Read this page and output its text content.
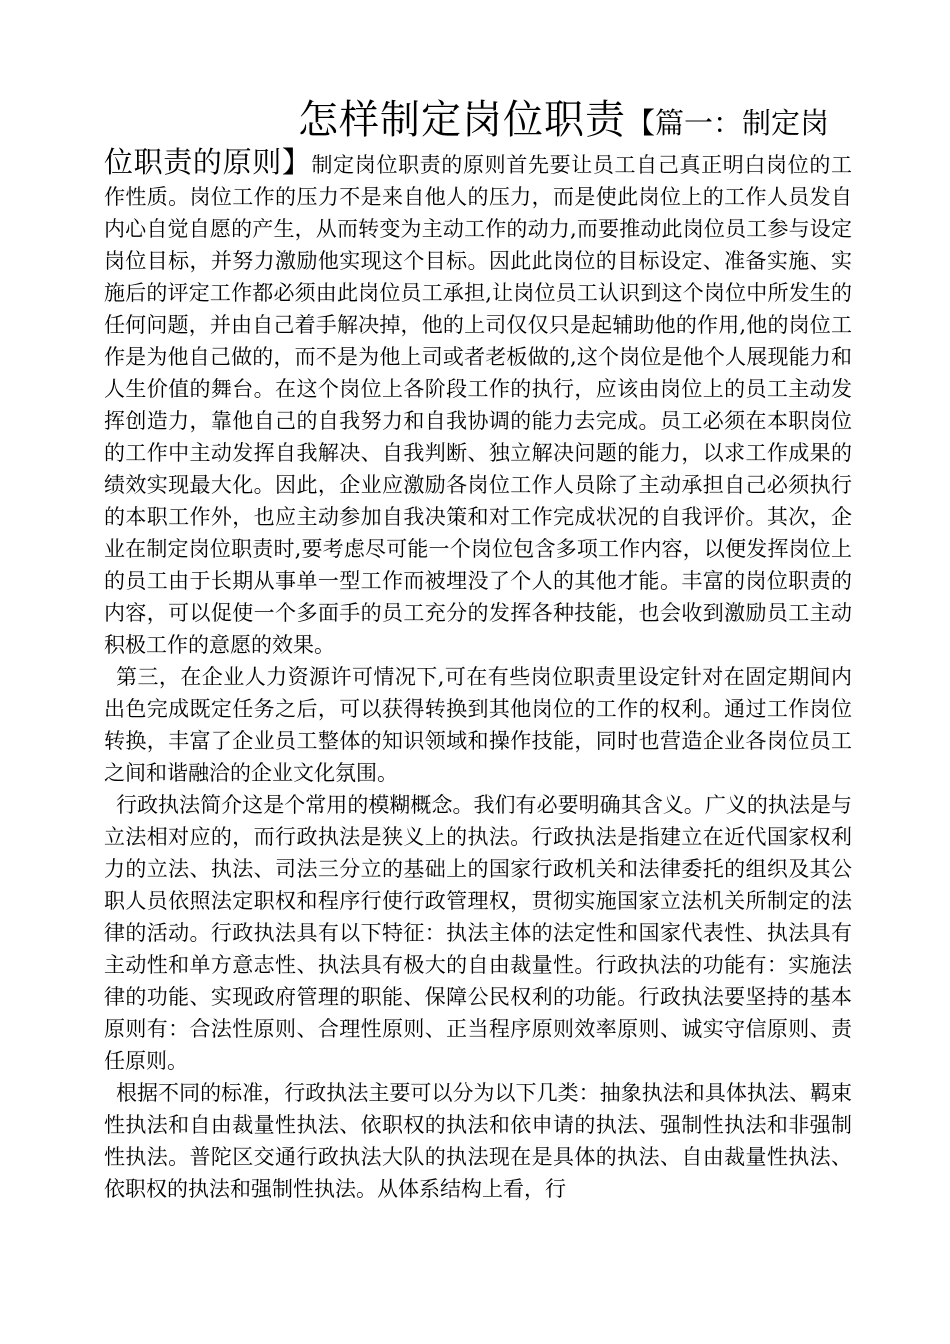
怎样制定岗位职责【篇一：制定岗

位职责的原则】制定岗位职责的原则首先要让员工自己真正明白岗位的工作性质。岗位工作的压力不是来自他人的压力，而是使此岗位上的工作人员发自内心自觉自愿的产生，从而转变为主动工作的动力,而要推动此岗位员工参与设定岗位目标，并努力激励他实现这个目标。因此此岗位的目标设定、准备实施、实施后的评定工作都必须由此岗位员工承担,让岗位员工认识到这个岗位中所发生的任何问题，并由自己着手解决掉，他的上司仅仅只是起辅助他的作用,他的岗位工作是为他自己做的，而不是为他上司或者老板做的,这个岗位是他个人展现能力和人生价值的舞台。在这个岗位上各阶段工作的执行，应该由岗位上的员工主动发挥创造力，靠他自己的自我努力和自我协调的能力去完成。员工必须在本职岗位的工作中主动发挥自我解决、自我判断、独立解决问题的能力，以求工作成果的绩效实现最大化。因此，企业应激励各岗位工作人员除了主动承担自己必须执行的本职工作外，也应主动参加自我决策和对工作完成状况的自我评价。其次，企业在制定岗位职责时,要考虑尽可能一个岗位包含多项工作内容，以便发挥岗位上的员工由于长期从事单一型工作而被埋没了个人的其他才能。丰富的岗位职责的内容，可以促使一个多面手的员工充分的发挥各种技能，也会收到激励员工主动积极工作的意愿的效果。

第三，在企业人力资源许可情况下,可在有些岗位职责里设定针对在固定期间内出色完成既定任务之后，可以获得转换到其他岗位的工作的权利。通过工作岗位转换，丰富了企业员工整体的知识领域和操作技能，同时也营造企业各岗位员工之间和谐融洽的企业文化氛围。

行政执法简介这是个常用的模糊概念。我们有必要明确其含义。广义的执法是与立法相对应的，而行政执法是狭义上的执法。行政执法是指建立在近代国家权利力的立法、执法、司法三分立的基础上的国家行政机关和法律委托的组织及其公职人员依照法定职权和程序行使行政管理权，贯彻实施国家立法机关所制定的法律的活动。行政执法具有以下特征：执法主体的法定性和国家代表性、执法具有主动性和单方意志性、执法具有极大的自由裁量性。行政执法的功能有：实施法律的功能、实现政府管理的职能、保障公民权利的功能。行政执法要坚持的基本原则有：合法性原则、合理性原则、正当程序原则效率原则、诚实守信原则、责任原则。

根据不同的标准，行政执法主要可以分为以下几类：抽象执法和具体执法、羁束性执法和自由裁量性执法、依职权的执法和依申请的执法、强制性执法和非强制性执法。普陀区交通行政执法大队的执法现在是具体的执法、自由裁量性执法、依职权的执法和强制性执法。从体系结构上看，行
